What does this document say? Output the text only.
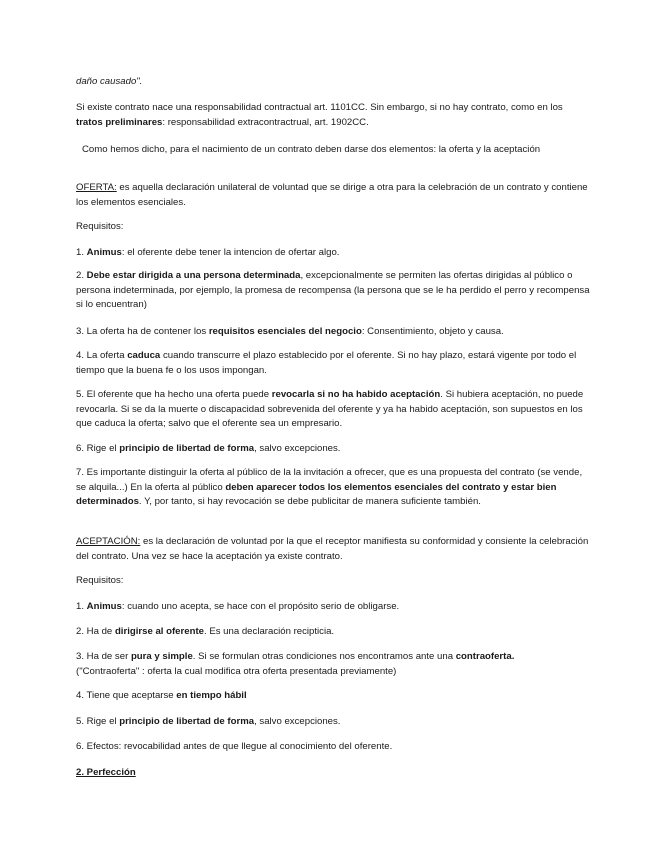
daño causado".

Si existe contrato nace una responsabilidad contractual art. 1101CC. Sin embargo, si no hay contrato, como en los tratos preliminares: responsabilidad extracontractrual, art. 1902CC.

Como hemos dicho, para el nacimiento de un contrato deben darse dos elementos: la oferta y la aceptación

OFERTA: es aquella declaración unilateral de voluntad que se dirige a otra para la celebración de un contrato y contiene los elementos esenciales.

Requisitos:

1. Animus: el oferente debe tener la intencion de ofertar algo.

2. Debe estar dirigida a una persona determinada, excepcionalmente se permiten las ofertas dirigidas al público o persona indeterminada, por ejemplo, la promesa de recompensa (la persona que se le ha perdido el perro y recompensa si lo encuentran)

3. La oferta ha de contener los requisitos esenciales del negocio: Consentimiento, objeto y causa.

4. La oferta caduca cuando transcurre el plazo establecido por el oferente. Si no hay plazo, estará vigente por todo el tiempo que la buena fe o los usos impongan.

5. El oferente que ha hecho una oferta puede revocarla si no ha habido aceptación. Si hubiera aceptación, no puede revocarla. Si se da la muerte o discapacidad sobrevenida del oferente y ya ha habido aceptación, son supuestos en los que caduca la oferta; salvo que el oferente sea un empresario.

6. Rige el principio de libertad de forma, salvo excepciones.

7. Es importante distinguir la oferta al público de la la invitación a ofrecer, que es una propuesta del contrato (se vende, se alquila...) En la oferta al público deben aparecer todos los elementos esenciales del contrato y estar bien determinados. Y, por tanto, si hay revocación se debe publicitar de manera suficiente también.

ACEPTACIÓN: es la declaración de voluntad por la que el receptor manifiesta su conformidad y consiente la celebración del contrato. Una vez se hace la aceptación ya existe contrato.

Requisitos:

1. Animus: cuando uno acepta, se hace con el propósito serio de obligarse.

2. Ha de dirigirse al oferente. Es una declaración recipticia.

3. Ha de ser pura y simple. Si se formulan otras condiciones nos encontramos ante una contraoferta.
("Contraoferta" : oferta la cual modifica otra oferta presentada previamente)

4. Tiene que aceptarse en tiempo hábil

5. Rige el principio de libertad de forma, salvo excepciones.

6. Efectos: revocabilidad antes de que llegue al conocimiento del oferente.

2. Perfección
